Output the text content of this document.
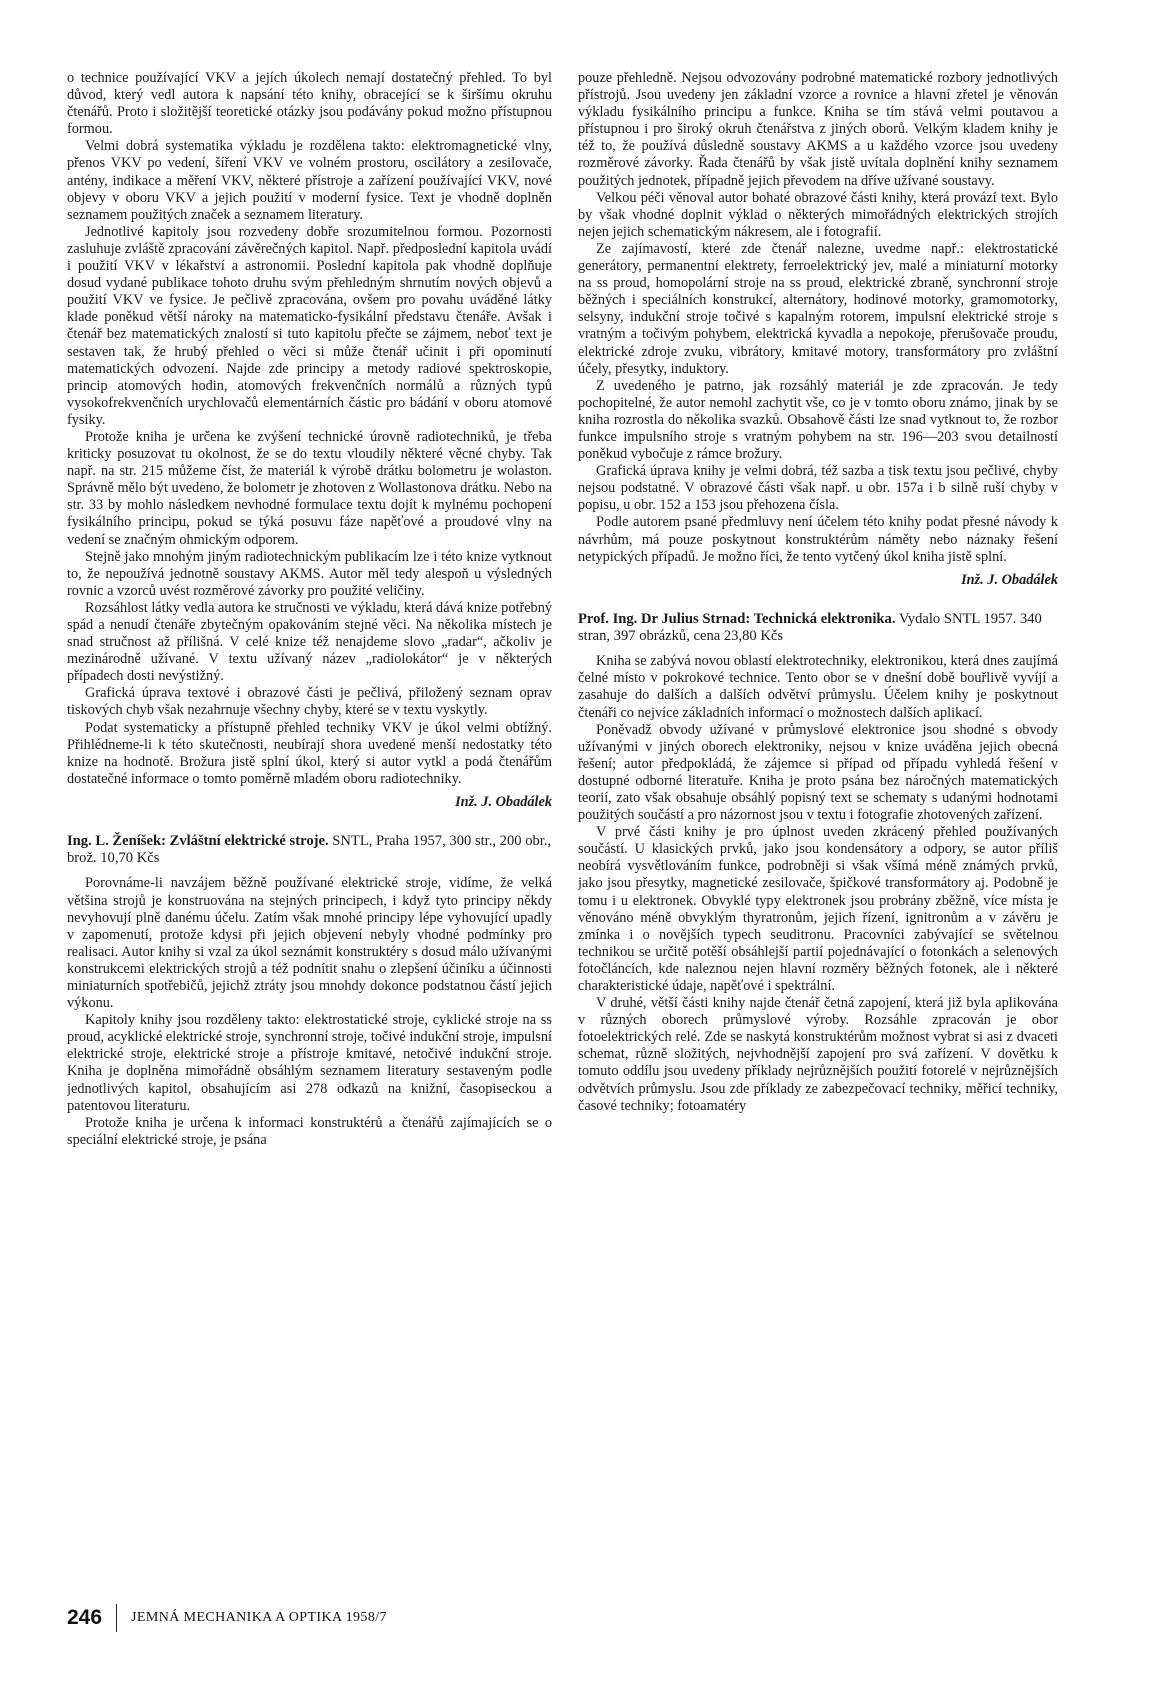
o technice používající VKV a jejích úkolech nemají dostatečný přehled. To byl důvod, který vedl autora k napsání této knihy, obracející se k širšímu okruhu čtenářů. Proto i složitější teoretické otázky jsou podávány pokud možno přístupnou formou.

Velmi dobrá systematika výkladu je rozdělena takto: elektromagnetické vlny, přenos VKV po vedení, šíření VKV ve volném prostoru, oscilátory a zesilovače, antény, indikace a měření VKV, některé přístroje a zařízení používající VKV, nové objevy v oboru VKV a jejich použití v moderní fysice. Text je vhodně doplněn seznamem použitých značek a seznamem literatury.

Jednotlivé kapitoly jsou rozvedeny dobře srozumitelnou formou. Pozornosti zasluhuje zvláště zpracování závěrečných kapitol. Např. předposlední kapitola uvádí i použití VKV v lékařství a astronomii. Poslední kapitola pak vhodně doplňuje dosud vydané publikace tohoto druhu svým přehledným shrnutím nových objevů a použití VKV ve fysice. Je pečlivě zpracována, ovšem pro povahu uváděné látky klade poněkud větší nároky na matematicko-fysikální představu čtenáře. Avšak i čtenář bez matematických znalostí si tuto kapitolu přečte se zájmem, neboť text je sestaven tak, že hrubý přehled o věci si může čtenář učinit i při opominutí matematických odvození. Najde zde principy a metody radiové spektroskopie, princip atomových hodin, atomových frekvenčních normálů a různých typů vysokofrekvenčních urychlovačů elementárních částic pro bádání v oboru atomové fysiky.

Protože kniha je určena ke zvýšení technické úrovně radiotechniků, je třeba kriticky posuzovat tu okolnost, že se do textu vloudily některé věcné chyby. Tak např. na str. 215 můžeme číst, že materiál k výrobě drátku bolometru je wolaston. Správně mělo být uvedeno, že bolometr je zhotoven z Wollastonova drátku. Nebo na str. 33 by mohlo následkem nevhodné formulace textu dojít k mylnému pochopení fysikálního principu, pokud se týká posuvu fáze napěťové a proudové vlny na vedení se značným ohmickým odporem.

Stejně jako mnohým jiným radiotechnickým publikacím lze i této knize vytknout to, že nepoužívá jednotně soustavy AKMS. Autor měl tedy alespoň u výsledných rovnic a vzorců uvést rozměrové závorky pro použité veličiny.

Rozsáhlost látky vedla autora ke stručnosti ve výkladu, která dává knize potřebný spád a nenudí čtenáře zbytečným opakováním stejné věci. Na několika místech je snad stručnost až přílišná. V celé knize též nenajdeme slovo „radar“, ačkoliv je mezinárodně užívané. V textu užívaný název „radiolokátor“ je v některých případech dosti nevýstižný.

Grafická úprava textové i obrazové části je pečlivá, přiložený seznam oprav tiskových chyb však nezahrnuje všechny chyby, které se v textu vyskytly.

Podat systematicky a přístupně přehled techniky VKV je úkol velmi obtížný. Přihlédneme-li k této skutečnosti, neubírají shora uvedené menší nedostatky této knize na hodnotě. Brožura jistě splní úkol, který si autor vytkl a podá čtenářům dostatečné informace o tomto poměrně mladém oboru radiotechniky.

Inž. J. Obadálek
Ing. L. Ženíšek: Zvláštní elektrické stroje. SNTL, Praha 1957, 300 str., 200 obr., brož. 10,70 Kčs

Porovnáme-li navzájem běžně používané elektrické stroje, vidíme, že velká většina strojů je konstruována na stejných principech, i když tyto principy někdy nevyhovují plně danému účelu. Zatím však mnohé principy lépe vyhovující upadly v zapomenutí, protože kdysi při jejich objevení nebyly vhodné podmínky pro realisaci. Autor knihy si vzal za úkol seznámit konstruktéry s dosud málo užívanými konstrukcemi elektrických strojů a též podnítit snahu o zlepšení účiníku a účinnosti miniaturních spotřebičů, jejichž ztráty jsou mnohdy dokonce podstatnou částí jejich výkonu.

Kapitoly knihy jsou rozděleny takto: elektrostatické stroje, cyklické stroje na ss proud, acyklické elektrické stroje, synchronní stroje, točivé indukční stroje, impulsní elektrické stroje, elektrické stroje a přístroje kmitavé, netočivé indukční stroje. Kniha je doplněna mimořádně obsáhlým seznamem literatury sestaveným podle jednotlivých kapitol, obsahujícím asi 278 odkazů na knižní, časopiseckou a patentovou literaturu.

Protože kniha je určena k informaci konstruktérů a čtenářů zajímajících se o speciální elektrické stroje, je psána

pouze přehledně. Nejsou odvozovány podrobné matematické rozbory jednotlivých přístrojů. Jsou uvedeny jen základní vzorce a rovnice a hlavní zřetel je věnován výkladu fysikálního principu a funkce. Kniha se tím stává velmi poutavou a přístupnou i pro široký okruh čtenářstva z jiných oborů. Velkým kladem knihy je též to, že používá důsledně soustavy AKMS a u každého vzorce jsou uvedeny rozměrové závorky. Řada čtenářů by však jistě uvítala doplnění knihy seznamem použitých jednotek, případně jejich převodem na dříve užívané soustavy.

Velkou péči věnoval autor bohaté obrazové části knihy, která provází text. Bylo by však vhodné doplnit výklad o některých mimořádných elektrických strojích nejen jejich schematickým nákresem, ale i fotografií.

Ze zajímavostí, které zde čtenář nalezne, uvedme např.: elektrostatické generátory, permanentní elektrety, ferroelektrický jev, malé a miniaturní motorky na ss proud, homopolární stroje na ss proud, elektrické zbraně, synchronní stroje běžných i speciálních konstrukcí, alternátory, hodinové motorky, gramomotorky, selsyny, indukční stroje točivé s kapalným rotorem, impulsní elektrické stroje s vratným a točivým pohybem, elektrická kyvadla a nepokoje, přerušovače proudu, elektrické zdroje zvuku, vibrátory, kmitavé motory, transformátory pro zvláštní účely, přesytky, induktory.

Z uvedeného je patrno, jak rozsáhlý materiál je zde zpracován. Je tedy pochopitelné, že autor nemohl zachytit vše, co je v tomto oboru známo, jinak by se kniha rozrostla do několika svazků. Obsahově části lze snad vytknout to, že rozbor funkce impulsního stroje s vratným pohybem na str. 196—203 svou detailností poněkud vybočuje z rámce brožury.

Grafická úprava knihy je velmi dobrá, též sazba a tisk textu jsou pečlivé, chyby nejsou podstatné. V obrazové části však např. u obr. 157a i b silně ruší chyby v popisu, u obr. 152 a 153 jsou přehozena čísla.

Podle autorem psané předmluvy není účelem této knihy podat přesné návody k návrhům, má pouze poskytnout konstruktérům náměty nebo náznaky řešení netypických případů. Je možno říci, že tento vytčený úkol kniha jistě splní.

Inž. J. Obadálek
Prof. Ing. Dr Julius Strnad: Technická elektronika. Vydalo SNTL 1957. 340 stran, 397 obrázků, cena 23,80 Kčs

Kniha se zabývá novou oblastí elektrotechniky, elektronikou, která dnes zaujímá čelné místo v pokrokové technice. Tento obor se v dnešní době bouřlivě vyvíjí a zasahuje do dalších a dalších odvětví průmyslu. Účelem knihy je poskytnout čtenáři co nejvíce základních informací o možnostech dalších aplikací.

Poněvadž obvody užívané v průmyslové elektronice jsou shodné s obvody užívanými v jiných oborech elektroniky, nejsou v knize uváděna jejich obecná řešení; autor předpokládá, že zájemce si případ od případu vyhledá řešení v dostupné odborné literatuře. Kniha je proto psána bez náročných matematických teorií, zato však obsahuje obsáhlý popisný text se schematy s udanými hodnotami použitých součástí a pro názornost jsou v textu i fotografie zhotovených zařízení.

V prvé části knihy je pro úplnost uveden zkrácený přehled používaných součástí. U klasických prvků, jako jsou kondensátory a odpory, se autor příliš neobírá vysvětlováním funkce, podrobněji si však všímá méně známých prvků, jako jsou přesytky, magnetické zesilovače, špičkové transformátory aj. Podobně je tomu i u elektronek. Obvyklé typy elektronek jsou probrány zběžně, více místa je věnováno méně obvyklým thyratronům, jejich řízení, ignitronům a v závěru je zmínka i o novějších typech seuditronu. Pracovníci zabývající se světelnou technikou se určitě potěší obsáhlejší partií pojednávající o fotonkách a selenových fotočláncích, kde naleznou nejen hlavní rozměry běžných fotonek, ale i některé charakteristické údaje, napěťové i spektrální.

V druhé, větší části knihy najde čtenář četná zapojení, která již byla aplikována v různých oborech průmyslové výroby. Rozsáhle zpracován je obor fotoelektrických relé. Zde se naskytá konstruktérům možnost vybrat si asi z dvaceti schemat, různě složitých, nejvhodnější zapojení pro svá zařízení. V dovětku k tomuto oddílu jsou uvedeny příklady nejrůznějších použití fotorelé v nejrůznějších odvětvích průmyslu. Jsou zde příklady ze zabezpečovací techniky, měřicí techniky, časové techniky; fotoamatéry

246 JEMNÁ MECHANIKA A OPTIKA 1958/7
